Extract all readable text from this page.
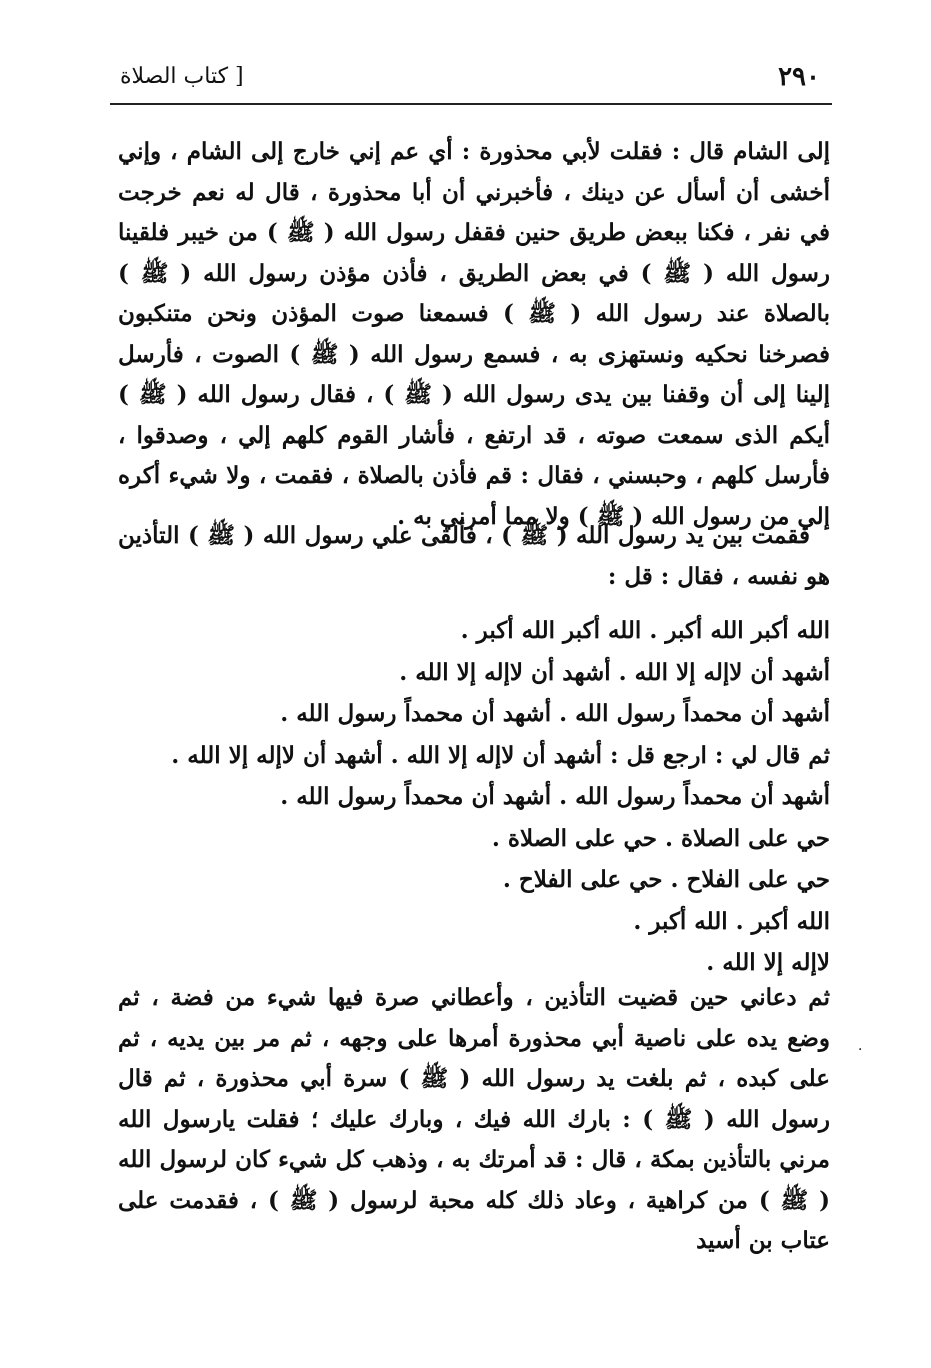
٢٩٠
[ كتاب الصلاة

إلى الشام قال : فقلت لأبي محذورة : أي عم إني خارج إلى الشام ، وإني أخشى أن أسأل عن دينك ، فأخبرني أن أبا محذورة ، قال له نعم خرجت في نفر ، فكنا ببعض طريق حنين فقفل رسول الله ( ﷺ ) من خيبر فلقينا رسول الله ( ﷺ ) في بعض الطريق ، فأذن مؤذن رسول الله ( ﷺ ) بالصلاة عند رسول الله ( ﷺ ) فسمعنا صوت المؤذن ونحن متنكبون فصرخنا نحكيه ونستهزى به ، فسمع رسول الله ( ﷺ ) الصوت ، فأرسل إلينا إلى أن وقفنا بين يدى رسول الله ( ﷺ ) ، فقال رسول الله ( ﷺ ) أيكم الذى سمعت صوته ، قد ارتفع ، فأشار القوم كلهم إلي ، وصدقوا ، فأرسل كلهم ، وحبسني ، فقال : قم فأذن بالصلاة ، فقمت ، ولا شيء أكره إلي من رسول الله ( ﷺ ) ولا مما أمرني به .

فقمت بين يد رسول الله ( ﷺ ) ، فألقى علي رسول الله ( ﷺ ) التأذين هو نفسه ، فقال : قل :

الله أكبر الله أكبر . الله أكبر الله أكبر .
أشهد أن لاإله إلا الله . أشهد أن لاإله إلا الله .
أشهد أن محمداً رسول الله . أشهد أن محمداً رسول الله .
ثم قال لي : ارجع قل : أشهد أن لاإله إلا الله . أشهد أن لاإله إلا الله .
أشهد أن محمداً رسول الله . أشهد أن محمداً رسول الله .
حي على الصلاة . حي على الصلاة .
حي على الفلاح . حي على الفلاح .
الله أكبر . الله أكبر .
لاإله إلا الله .

ثم دعاني حين قضيت التأذين ، وأعطاني صرة فيها شيء من فضة ، ثم وضع يده على ناصية أبي محذورة أمرها على وجهه ، ثم مر بين يديه ، ثم على كبده ، ثم بلغت يد رسول الله ( ﷺ ) سرة أبي محذورة ، ثم قال رسول الله ( ﷺ ) : بارك الله فيك ، وبارك عليك ؛ فقلت يارسول الله مرني بالتأذين بمكة ، قال : قد أمرتك به ، وذهب كل شيء كان لرسول الله ( ﷺ ) من كراهية ، وعاد ذلك كله محبة لرسول ( ﷺ ) ، فقدمت على عتاب بن أسيد

·
